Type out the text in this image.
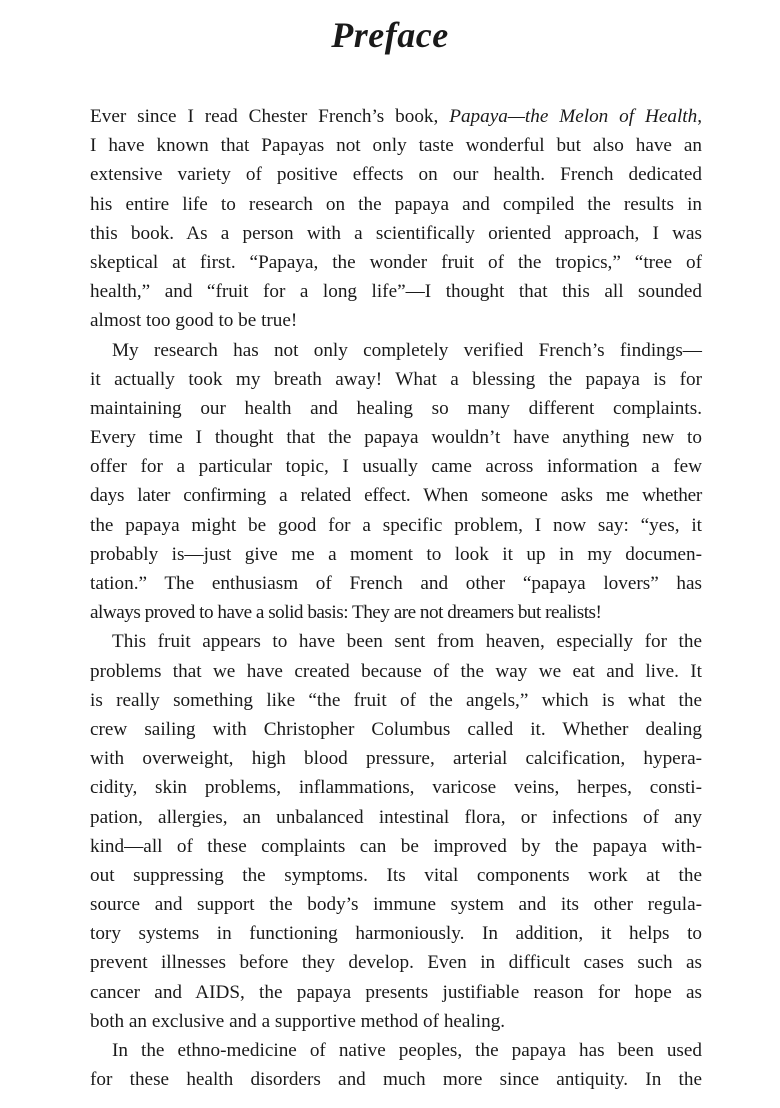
Preface
Ever since I read Chester French’s book, Papaya—the Melon of Health,
I have known that Papayas not only taste wonderful but also have an
extensive variety of positive effects on our health. French dedicated
his entire life to research on the papaya and compiled the results in
this book. As a person with a scientifically oriented approach, I was
skeptical at first. “Papaya, the wonder fruit of the tropics,” “tree of
health,” and “fruit for a long life”—I thought that this all sounded
almost too good to be true!
My research has not only completely verified French’s findings—
it actually took my breath away! What a blessing the papaya is for
maintaining our health and healing so many different complaints.
Every time I thought that the papaya wouldn’t have anything new to
offer for a particular topic, I usually came across information a few
days later confirming a related effect. When someone asks me whether
the papaya might be good for a specific problem, I now say: “yes, it
probably is—just give me a moment to look it up in my documen-
tation.” The enthusiasm of French and other “papaya lovers” has
always proved to have a solid basis: They are not dreamers but realists!
This fruit appears to have been sent from heaven, especially for the
problems that we have created because of the way we eat and live. It
is really something like “the fruit of the angels,” which is what the
crew sailing with Christopher Columbus called it. Whether dealing
with overweight, high blood pressure, arterial calcification, hypera-
cidity, skin problems, inflammations, varicose veins, herpes, consti-
pation, allergies, an unbalanced intestinal flora, or infections of any
kind—all of these complaints can be improved by the papaya with-
out suppressing the symptoms. Its vital components work at the
source and support the body’s immune system and its other regula-
tory systems in functioning harmoniously. In addition, it helps to
prevent illnesses before they develop. Even in difficult cases such as
cancer and AIDS, the papaya presents justifiable reason for hope as
both an exclusive and a supportive method of healing.
In the ethno-medicine of native peoples, the papaya has been used
for these health disorders and much more since antiquity. In the
